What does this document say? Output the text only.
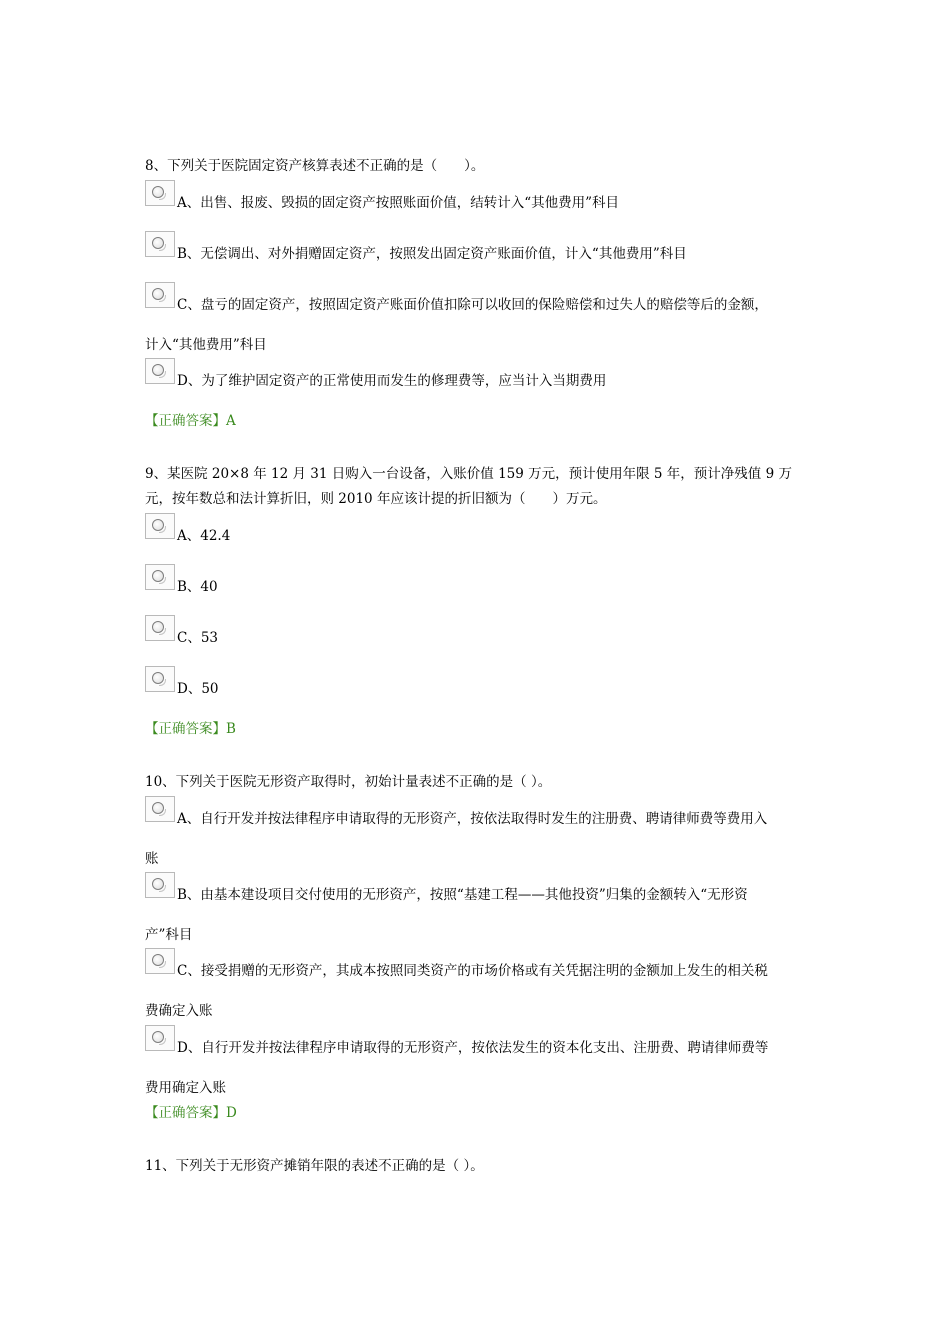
8、下列关于医院固定资产核算表述不正确的是（　　）。
A、出售、报废、毁损的固定资产按照账面价值，结转计入“其他费用”科目
B、无偿调出、对外捐赠固定资产，按照发出固定资产账面价值，计入“其他费用”科目
C、盘亏的固定资产，按照固定资产账面价值扣除可以收回的保险赔偿和过失人的赔偿等后的金额，
计入“其他费用”科目
D、为了维护固定资产的正常使用而发生的修理费等，应当计入当期费用
【正确答案】A
9、某医院 20×8 年 12 月 31 日购入一台设备，入账价值 159 万元，预计使用年限 5 年，预计净残值 9 万
元，按年数总和法计算折旧，则 2010 年应该计提的折旧额为（　　）万元。
A、42.4
B、40
C、53
D、50
【正确答案】B
10、下列关于医院无形资产取得时，初始计量表述不正确的是（ ）。
A、自行开发并按法律程序申请取得的无形资产，按依法取得时发生的注册费、聘请律师费等费用入
账
B、由基本建设项目交付使用的无形资产，按照“基建工程——其他投资”归集的金额转入“无形资
产”科目
C、接受捐赠的无形资产，其成本按照同类资产的市场价格或有关凭据注明的金额加上发生的相关税
费确定入账
D、自行开发并按法律程序申请取得的无形资产，按依法发生的资本化支出、注册费、聘请律师费等
费用确定入账
【正确答案】D
11、下列关于无形资产摊销年限的表述不正确的是（ ）。
